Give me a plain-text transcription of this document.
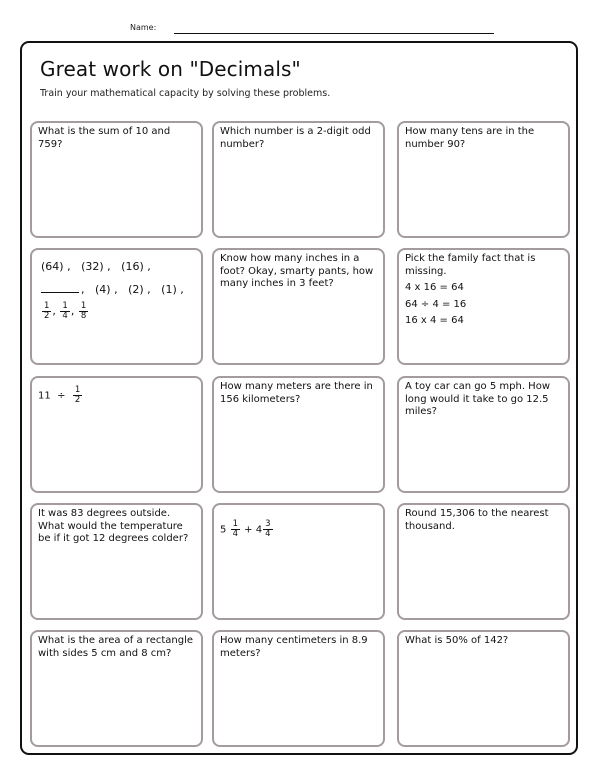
Name:
Great work on "Decimals"
Train your mathematical capacity by solving these problems.
What is the sum of 10 and 759?
Which number is a 2-digit odd number?
How many tens are in the number 90?
(64) , (32) , (16) ,
, (4) , (2) , (1) ,
$\frac{1}{2}$ , $\frac{1}{4}$ , $\frac{1}{8}$
Know how many inches in a foot? Okay, smarty pants, how many inches in 3 feet?
Pick the family fact that is missing.
4 x 16 = 64
64 ÷ 4 = 16
16 x 4 = 64
$11 \div \frac{1}{2}$	How many meters are there in 156 kilometers?
A toy car can go 5 mph. How long would it take to go 12.5 miles?
It was 83 degrees outside. What would the temperature be if it got 12 degrees colder?
$5 \frac{1}{4} + 4 \frac{3}{4}$
Round 15,306 to the nearest thousand.
What is the area of a rectangle with sides 5 cm and 8 cm?
How many centimeters in 8.9 meters?
What is 50% of 142?
